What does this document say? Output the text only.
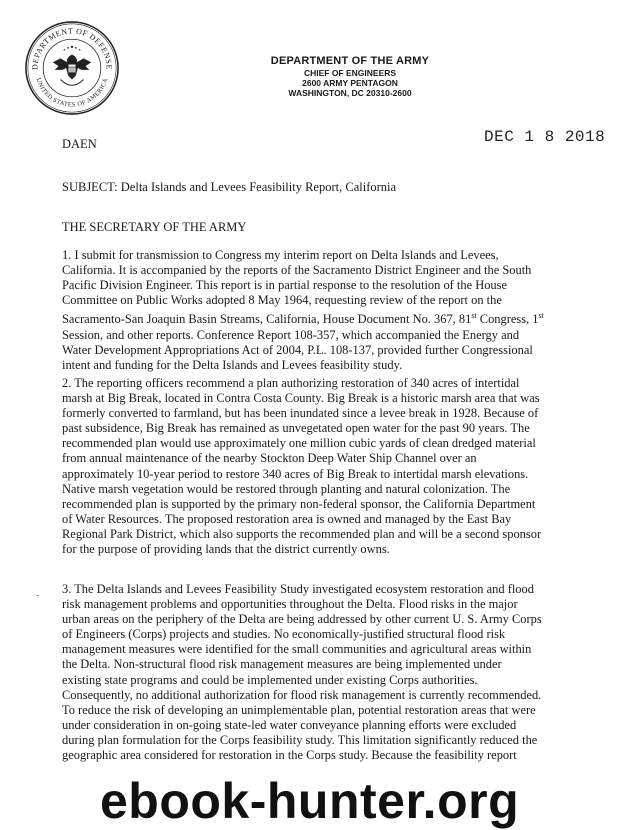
DEPARTMENT OF DEFENSE
UNITED STATES OF AMERICA
DEPARTMENT OF THE ARMY
CHIEF OF ENGINEERS
2600 ARMY PENTAGON
WASHINGTON, DC 20310-2600
DAEN	DEC 1 8 2018
SUBJECT: Delta Islands and Levees Feasibility Report, California
THE SECRETARY OF THE ARMY
1. I submit for transmission to Congress my interim report on Delta Islands and Levees,
California. It is accompanied by the reports of the Sacramento District Engineer and the South
Pacific Division Engineer. This report is in partial response to the resolution of the House
Committee on Public Works adopted 8 May 1964, requesting review of the report on the
Sacramento-San Joaquin Basin Streams, California, House Document No. 367, 81st Congress, 1st
Session, and other reports. Conference Report 108-357, which accompanied the Energy and
Water Development Appropriations Act of 2004, P.L. 108-137, provided further Congressional
intent and funding for the Delta Islands and Levees feasibility study.
2. The reporting officers recommend a plan authorizing restoration of 340 acres of intertidal
marsh at Big Break, located in Contra Costa County. Big Break is a historic marsh area that was
formerly converted to farmland, but has been inundated since a levee break in 1928. Because of
past subsidence, Big Break has remained as unvegetated open water for the past 90 years. The
recommended plan would use approximately one million cubic yards of clean dredged material
from annual maintenance of the nearby Stockton Deep Water Ship Channel over an
approximately 10-year period to restore 340 acres of Big Break to intertidal marsh elevations.
Native marsh vegetation would be restored through planting and natural colonization. The
recommended plan is supported by the primary non-federal sponsor, the California Department
of Water Resources. The proposed restoration area is owned and managed by the East Bay
Regional Park District, which also supports the recommended plan and will be a second sponsor
for the purpose of providing lands that the district currently owns.
3. The Delta Islands and Levees Feasibility Study investigated ecosystem restoration and flood
risk management problems and opportunities throughout the Delta. Flood risks in the major
urban areas on the periphery of the Delta are being addressed by other current U. S. Army Corps
of Engineers (Corps) projects and studies. No economically-justified structural flood risk
management measures were identified for the small communities and agricultural areas within
the Delta. Non-structural flood risk management measures are being implemented under
existing state programs and could be implemented under existing Corps authorities.
Consequently, no additional authorization for flood risk management is currently recommended.
To reduce the risk of developing an unimplementable plan, potential restoration areas that were
under consideration in on-going state-led water conveyance planning efforts were excluded
during plan formulation for the Corps feasibility study. This limitation significantly reduced the
geographic area considered for restoration in the Corps study. Because the feasibility report
-
ebook-hunter.org
